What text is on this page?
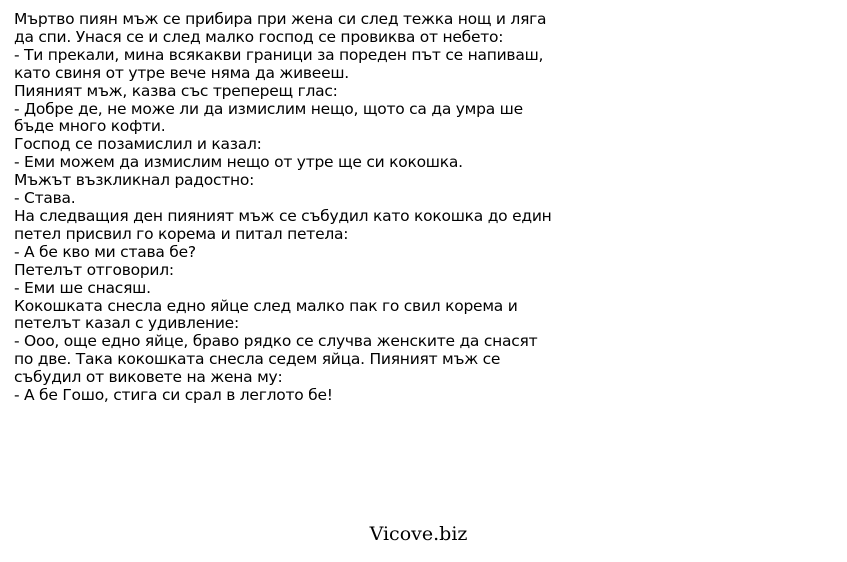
Мъртво пиян мъж се прибира при жена си след тежка нощ и ляга
да спи. Унася се и след малко господ се провиква от небето:
- Ти прекали, мина всякакви граници за пореден път се напиваш,
като свиня от утре вече няма да живееш.
Пияният мъж, казва със треперещ глас:
- Добре де, не може ли да измислим нещо, щото са да умра ше
бъде много кофти.
Господ се позамислил и казал:
- Еми можем да измислим нещо от утре ще си кокошка.
Мъжът възкликнал радостно:
- Става.
На следващия ден пияният мъж се събудил като кокошка до един
петел присвил го корема и питал петела:
- А бе кво ми става бе?
Петелът отговорил:
- Еми ше снасяш.
Кокошката снесла едно яйце след малко пак го свил корема и
петелът казал с удивление:
- Ооо, още едно яйце, браво рядко се случва женските да снасят
по две. Така кокошката снесла седем яйца. Пияният мъж се
събудил от виковете на жена му:
- А бе Гошо, стига си срал в леглото бе!
Vicove.biz
